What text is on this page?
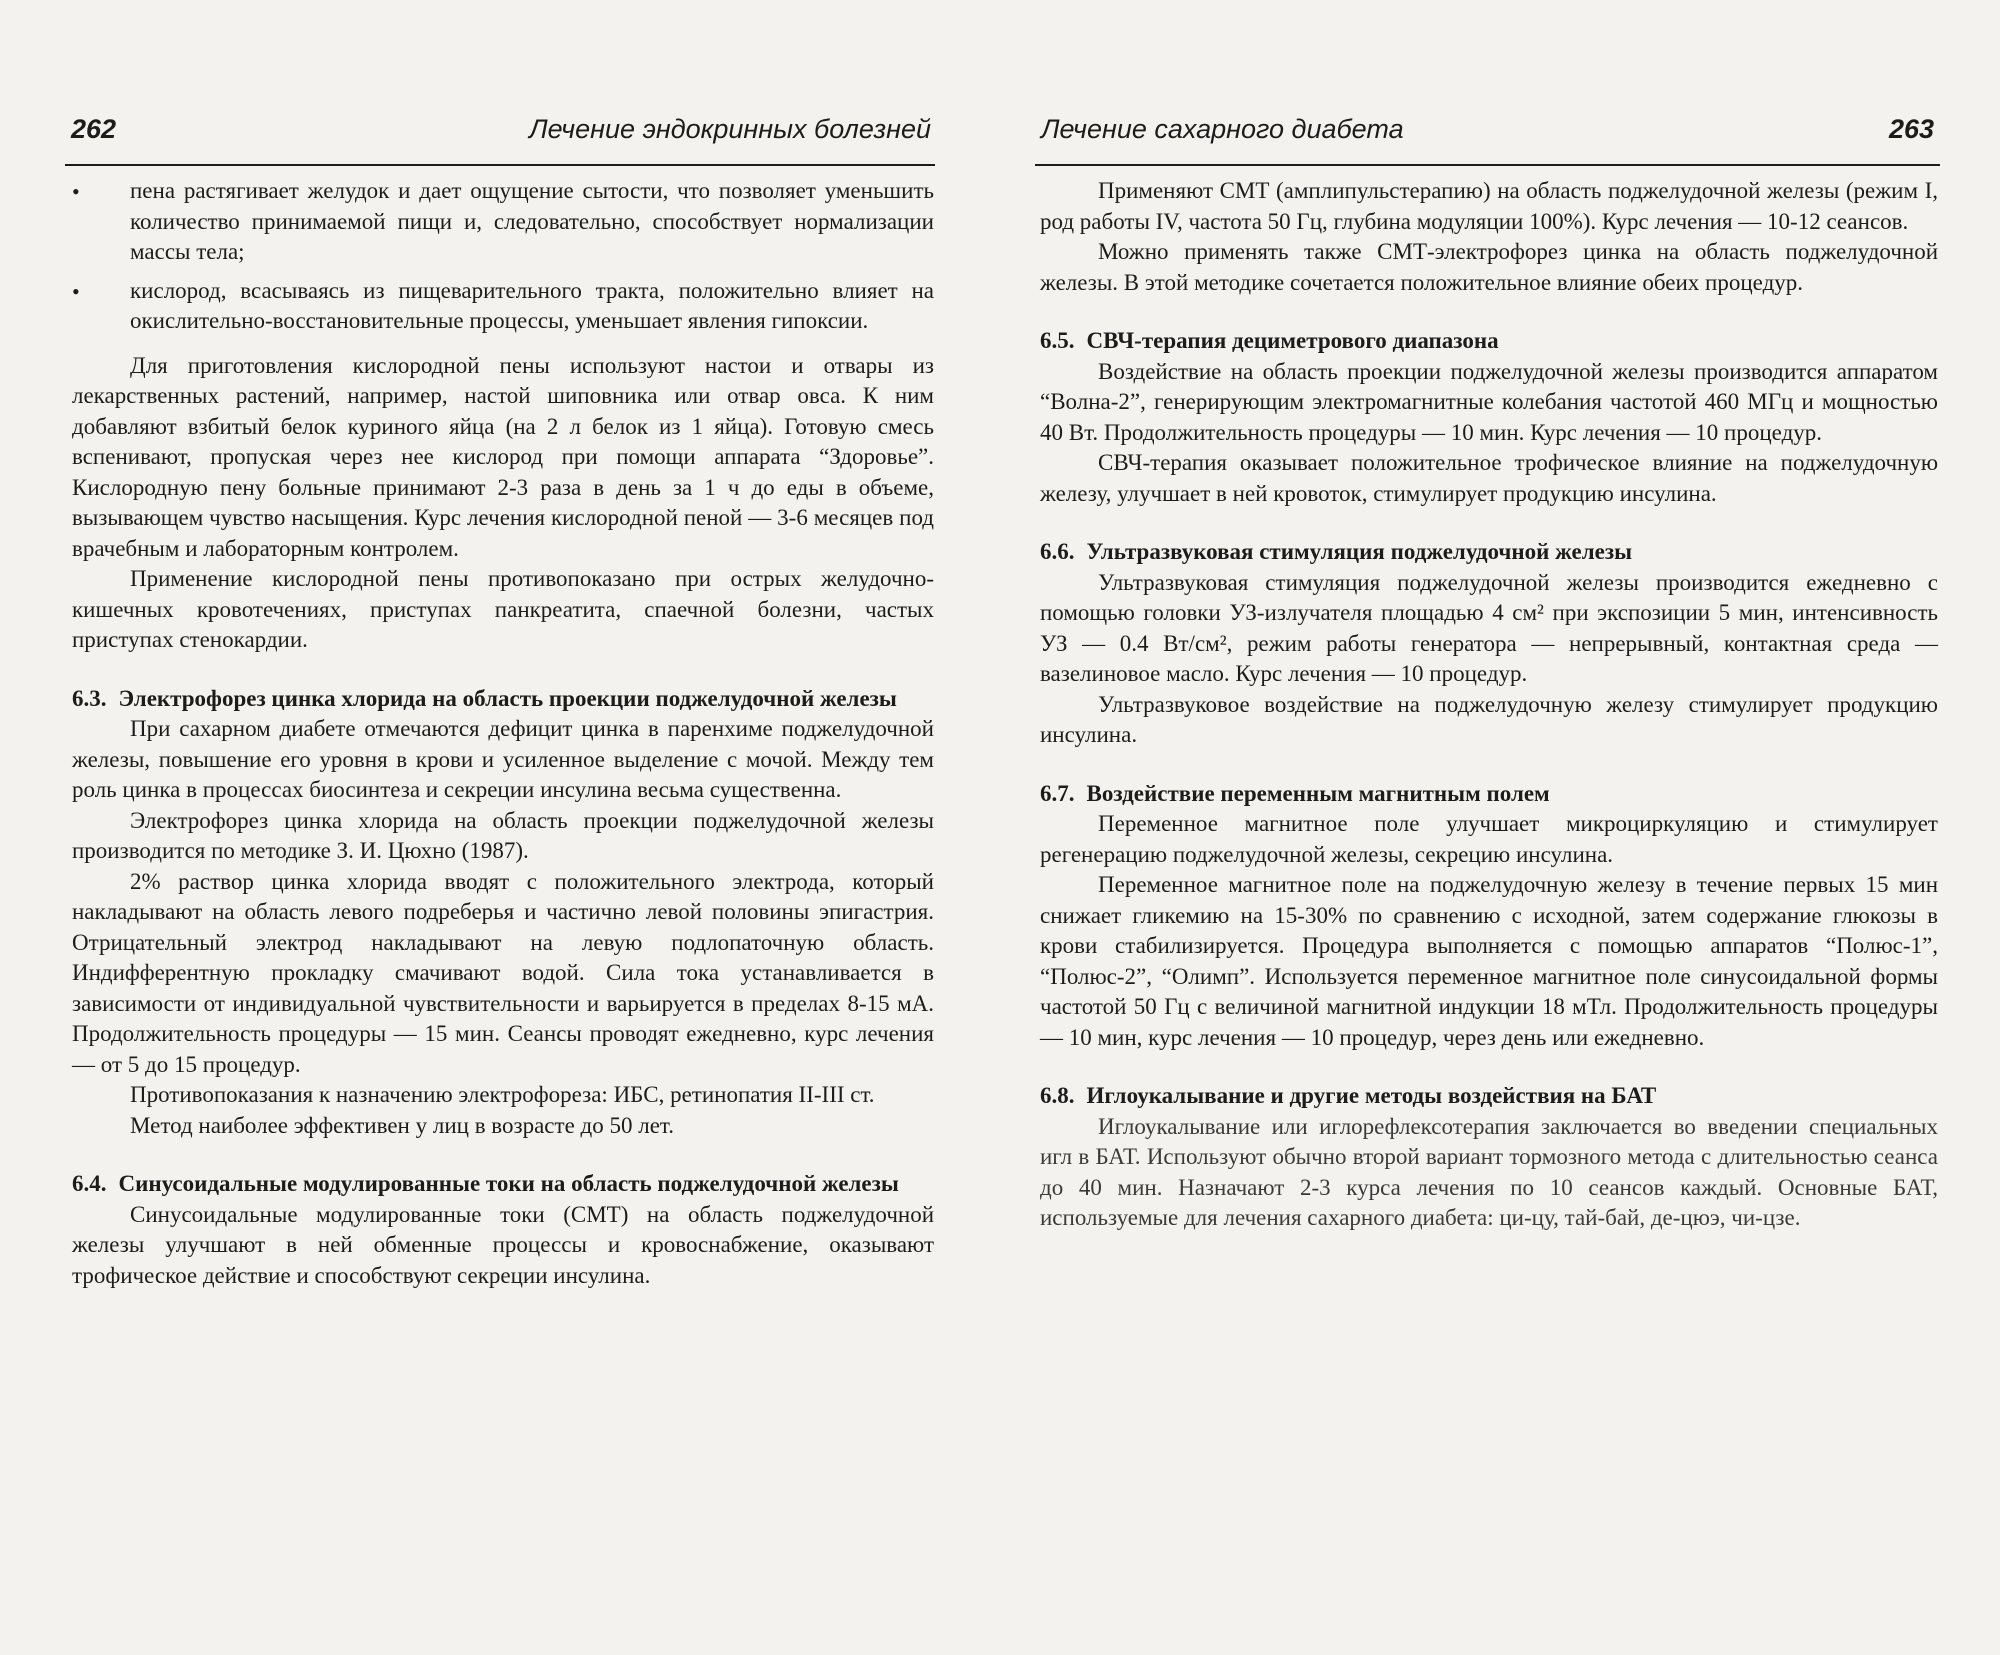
262	Лечение эндокринных болезней
• пена растягивает желудок и дает ощущение сытости, что позволяет уменьшить количество принимаемой пищи и, следовательно, способствует нормализации массы тела;
• кислород, всасываясь из пищеварительного тракта, положительно влияет на окислительно-восстановительные процессы, уменьшает явления гипоксии.

Для приготовления кислородной пены используют настои и отвары из лекарственных растений, например, настой шиповника или отвар овса. К ним добавляют взбитый белок куриного яйца (на 2 л белок из 1 яйца). Готовую смесь вспенивают, пропуская через нее кислород при помощи аппарата “Здоровье”. Кислородную пену больные принимают 2-3 раза в день за 1 ч до еды в объеме, вызывающем чувство насыщения. Курс лечения кислородной пеной — 3-6 месяцев под врачебным и лабораторным контролем.

Применение кислородной пены противопоказано при острых желудочно-кишечных кровотечениях, приступах панкреатита, спаечной болезни, частых приступах стенокардии.

6.3. Электрофорез цинка хлорида на область проекции поджелудочной железы

При сахарном диабете отмечаются дефицит цинка в паренхиме поджелудочной железы, повышение его уровня в крови и усиленное выделение с мочой. Между тем роль цинка в процессах биосинтеза и секреции инсулина весьма существенна.

Электрофорез цинка хлорида на область проекции поджелудочной железы производится по методике З. И. Цюхно (1987).

2% раствор цинка хлорида вводят с положительного электрода, который накладывают на область левого подреберья и частично левой половины эпигастрия. Отрицательный электрод накладывают на левую подлопаточную область. Индифферентную прокладку смачивают водой. Сила тока устанавливается в зависимости от индивидуальной чувствительности и варьируется в пределах 8-15 мА. Продолжительность процедуры — 15 мин. Сеансы проводят ежедневно, курс лечения — от 5 до 15 процедур.

Противопоказания к назначению электрофореза: ИБС, ретинопатия II-III ст.

Метод наиболее эффективен у лиц в возрасте до 50 лет.

6.4. Синусоидальные модулированные токи на область поджелудочной железы

Синусоидальные модулированные токи (СМТ) на область поджелудочной железы улучшают в ней обменные процессы и кровоснабжение, оказывают трофическое действие и способствуют секреции инсулина.

Лечение сахарного диабета	263

Применяют СМТ (амплипульстерапию) на область поджелудочной железы (режим I, род работы IV, частота 50 Гц, глубина модуляции 100%). Курс лечения — 10-12 сеансов.

Можно применять также СМТ-электрофорез цинка на область поджелудочной железы. В этой методике сочетается положительное влияние обеих процедур.

6.5. СВЧ-терапия дециметрового диапазона

Воздействие на область проекции поджелудочной железы производится аппаратом “Волна-2”, генерирующим электромагнитные колебания частотой 460 МГц и мощностью 40 Вт. Продолжительность процедуры — 10 мин. Курс лечения — 10 процедур.

СВЧ-терапия оказывает положительное трофическое влияние на поджелудочную железу, улучшает в ней кровоток, стимулирует продукцию инсулина.

6.6. Ультразвуковая стимуляция поджелудочной железы

Ультразвуковая стимуляция поджелудочной железы производится ежедневно с помощью головки УЗ-излучателя площадью 4 см² при экспозиции 5 мин, интенсивность УЗ — 0.4 Вт/см², режим работы генератора — непрерывный, контактная среда — вазелиновое масло. Курс лечения — 10 процедур.

Ультразвуковое воздействие на поджелудочную железу стимулирует продукцию инсулина.

6.7. Воздействие переменным магнитным полем

Переменное магнитное поле улучшает микроциркуляцию и стимулирует регенерацию поджелудочной железы, секрецию инсулина.

Переменное магнитное поле на поджелудочную железу в течение первых 15 мин снижает гликемию на 15-30% по сравнению с исходной, затем содержание глюкозы в крови стабилизируется. Процедура выполняется с помощью аппаратов “Полюс-1”, “Полюс-2”, “Олимп”. Используется переменное магнитное поле синусоидальной формы частотой 50 Гц с величиной магнитной индукции 18 мТл. Продолжительность процедуры — 10 мин, курс лечения — 10 процедур, через день или ежедневно.

6.8. Иглоукалывание и другие методы воздействия на БАТ

Иглоукалывание или иглорефлексотерапия заключается во введении специальных игл в БАТ. Используют обычно второй вариант тормозного метода с длительностью сеанса до 40 мин. Назначают 2-3 курса лечения по 10 сеансов каждый. Основные БАТ, используемые для лечения сахарного диабета: ци-цу, тай-бай, де-цюэ, чи-цзе.
